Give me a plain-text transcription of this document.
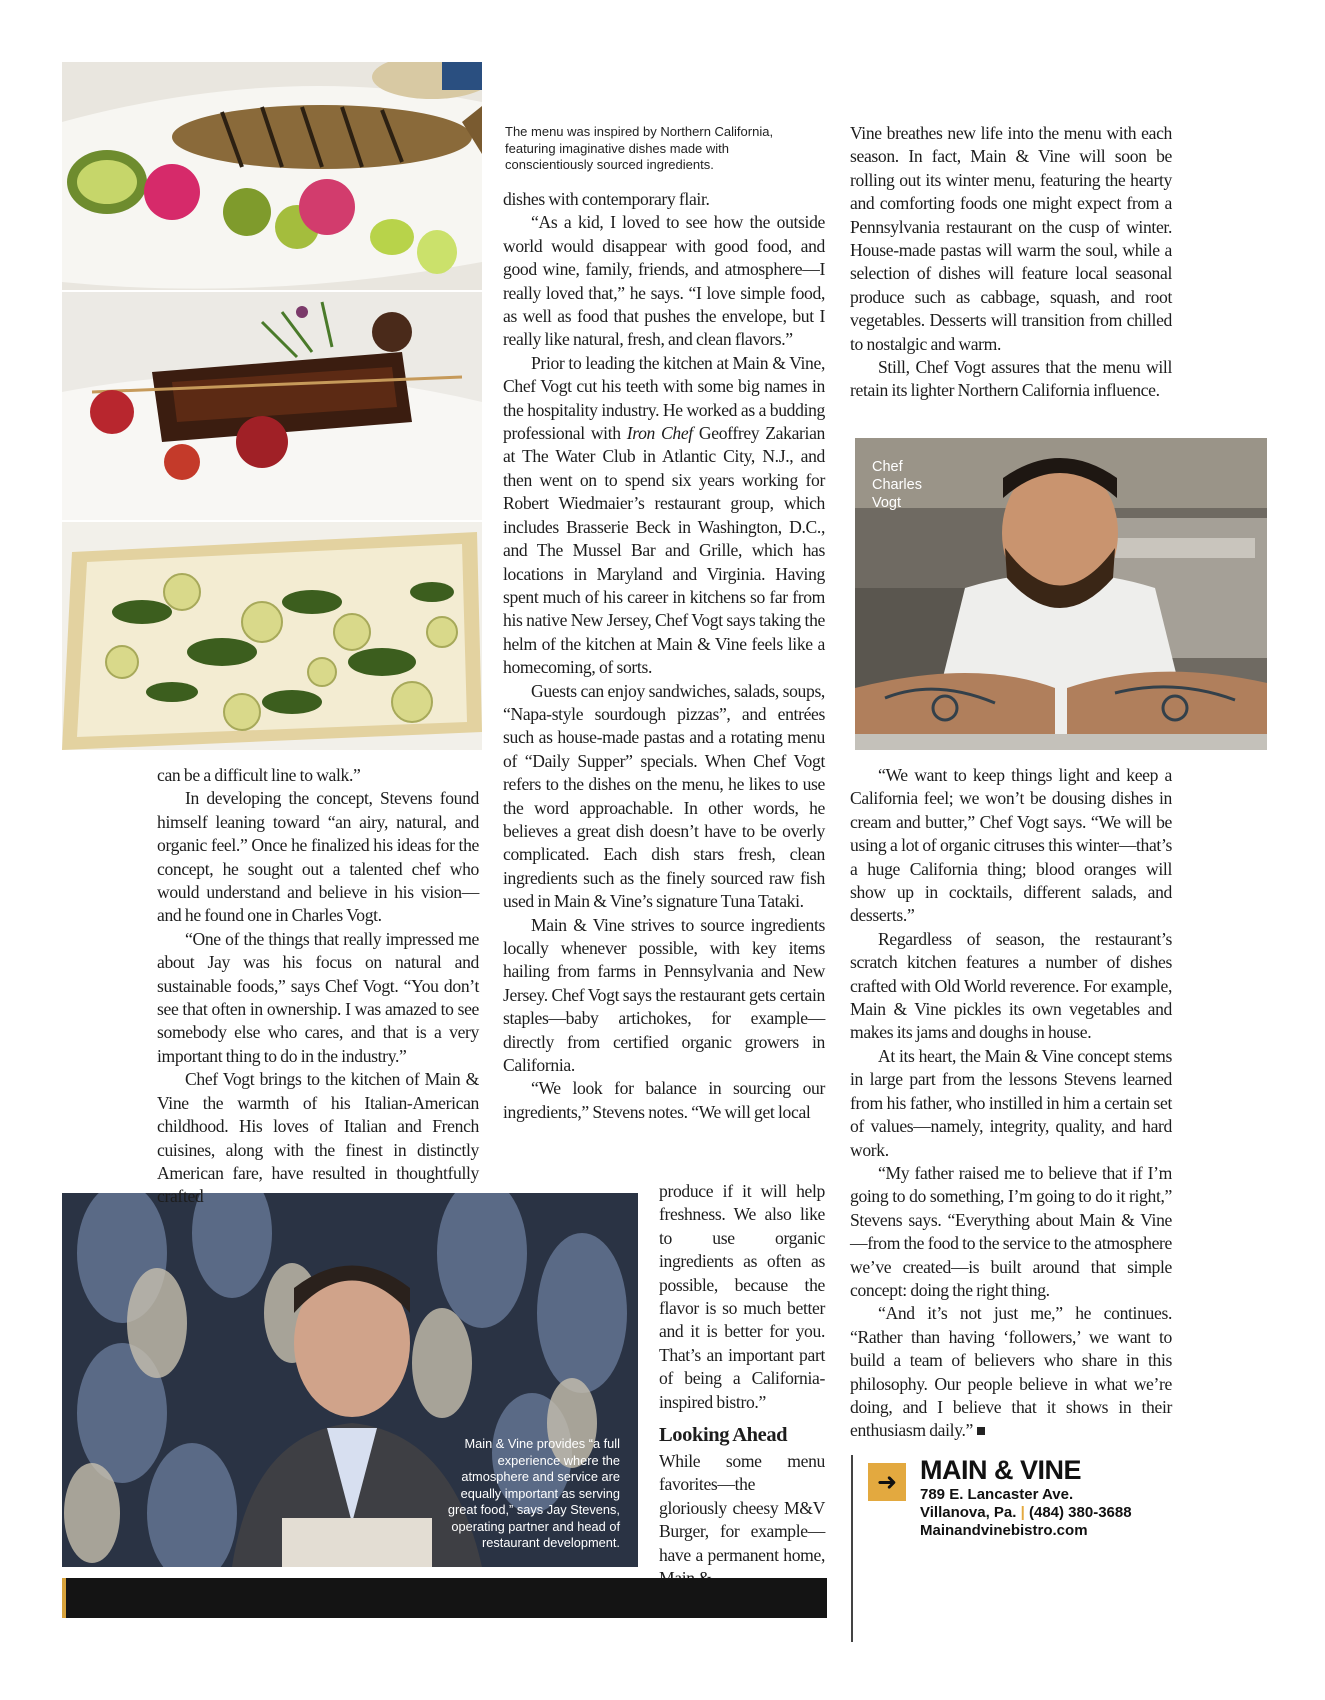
The menu was inspired by Northern California, featuring imaginative dishes made with conscientiously sourced ingredients.
Chef
Charles
Vogt
Main & Vine provides “a full experience where the atmosphere and service are equally important as serving great food,” says Jay Stevens, operating partner and head of restaurant development.

can be a difficult line to walk.”

In developing the concept, Stevens found himself leaning toward “an airy, natural, and organic feel.” Once he finalized his ideas for the concept, he sought out a talented chef who would understand and believe in his vision—and he found one in Charles Vogt.

“One of the things that really impressed me about Jay was his focus on natural and sustainable foods,” says Chef Vogt. “You don’t see that often in ownership. I was amazed to see somebody else who cares, and that is a very important thing to do in the industry.”

Chef Vogt brings to the kitchen of Main & Vine the warmth of his Italian-American childhood. His loves of Italian and French cuisines, along with the finest in distinctly American fare, have resulted in thoughtfully crafted

dishes with contemporary flair.

“As a kid, I loved to see how the outside world would disappear with good food, and good wine, family, friends, and atmosphere—I really loved that,” he says. “I love simple food, as well as food that pushes the envelope, but I really like natural, fresh, and clean flavors.”

Prior to leading the kitchen at Main & Vine, Chef Vogt cut his teeth with some big names in the hospitality industry. He worked as a budding professional with Iron Chef Geoffrey Zakarian at The Water Club in Atlantic City, N.J., and then went on to spend six years working for Robert Wiedmaier’s restaurant group, which includes Brasserie Beck in Washington, D.C., and The Mussel Bar and Grille, which has locations in Maryland and Virginia. Having spent much of his career in kitchens so far from his native New Jersey, Chef Vogt says taking the helm of the kitchen at Main & Vine feels like a homecoming, of sorts.

Guests can enjoy sandwiches, salads, soups, “Napa-style sourdough pizzas”, and entrées such as house-made pastas and a rotating menu of “Daily Supper” specials. When Chef Vogt refers to the dishes on the menu, he likes to use the word approachable. In other words, he believes a great dish doesn’t have to be overly complicated. Each dish stars fresh, clean ingredients such as the finely sourced raw fish used in Main & Vine’s signature Tuna Tataki.

Main & Vine strives to source ingredients locally whenever possible, with key items hailing from farms in Pennsylvania and New Jersey. Chef Vogt says the restaurant gets certain staples—baby artichokes, for example—directly from certified organic growers in California.

“We look for balance in sourcing our ingredients,” Stevens notes. “We will get local

produce if it will help freshness. We also like to use organic ingredients as often as possible, because the flavor is so much better and it is better for you. That’s an important part of being a California-inspired bistro.”

Looking Ahead

While some menu favorites—the gloriously cheesy M&V Burger, for example—have a permanent home,

Vine breathes new life into the menu with each season. In fact, Main & Vine will soon be rolling out its winter menu, featuring the hearty and comforting foods one might expect from a Pennsylvania restaurant on the cusp of winter. House-made pastas will warm the soul, while a selection of dishes will feature local seasonal produce such as cabbage, squash, and root vegetables. Desserts will transition from chilled to nostalgic and warm.

Still, Chef Vogt assures that the menu will retain its lighter Northern California influence.

“We want to keep things light and keep a California feel; we won’t be dousing dishes in cream and butter,” Chef Vogt says. “We will be using a lot of organic citruses this winter—that’s a huge California thing; blood oranges will show up in cocktails, different salads, and desserts.”

Regardless of season, the restaurant’s scratch kitchen features a number of dishes crafted with Old World reverence. For example, Main & Vine pickles its own vegetables and makes its jams and doughs in house.

At its heart, the Main & Vine concept stems in large part from the lessons Stevens learned from his father, who instilled in him a certain set of values—namely, integrity, quality, and hard work.

“My father raised me to believe that if I’m going to do something, I’m going to do it right,” Stevens says. “Everything about Main & Vine—from the food to the service to the atmosphere we’ve created—is built around that simple concept: doing the right thing.

“And it’s not just me,” he continues. “Rather than having ‘followers,’ we want to build a team of believers who share in this philosophy. Our people believe in what we’re doing, and I believe that it shows in their enthusiasm daily.”

➜ MAIN & VINE
789 E. Lancaster Ave.
Villanova, Pa. | (484) 380-3688
Mainandvinebistro.com
